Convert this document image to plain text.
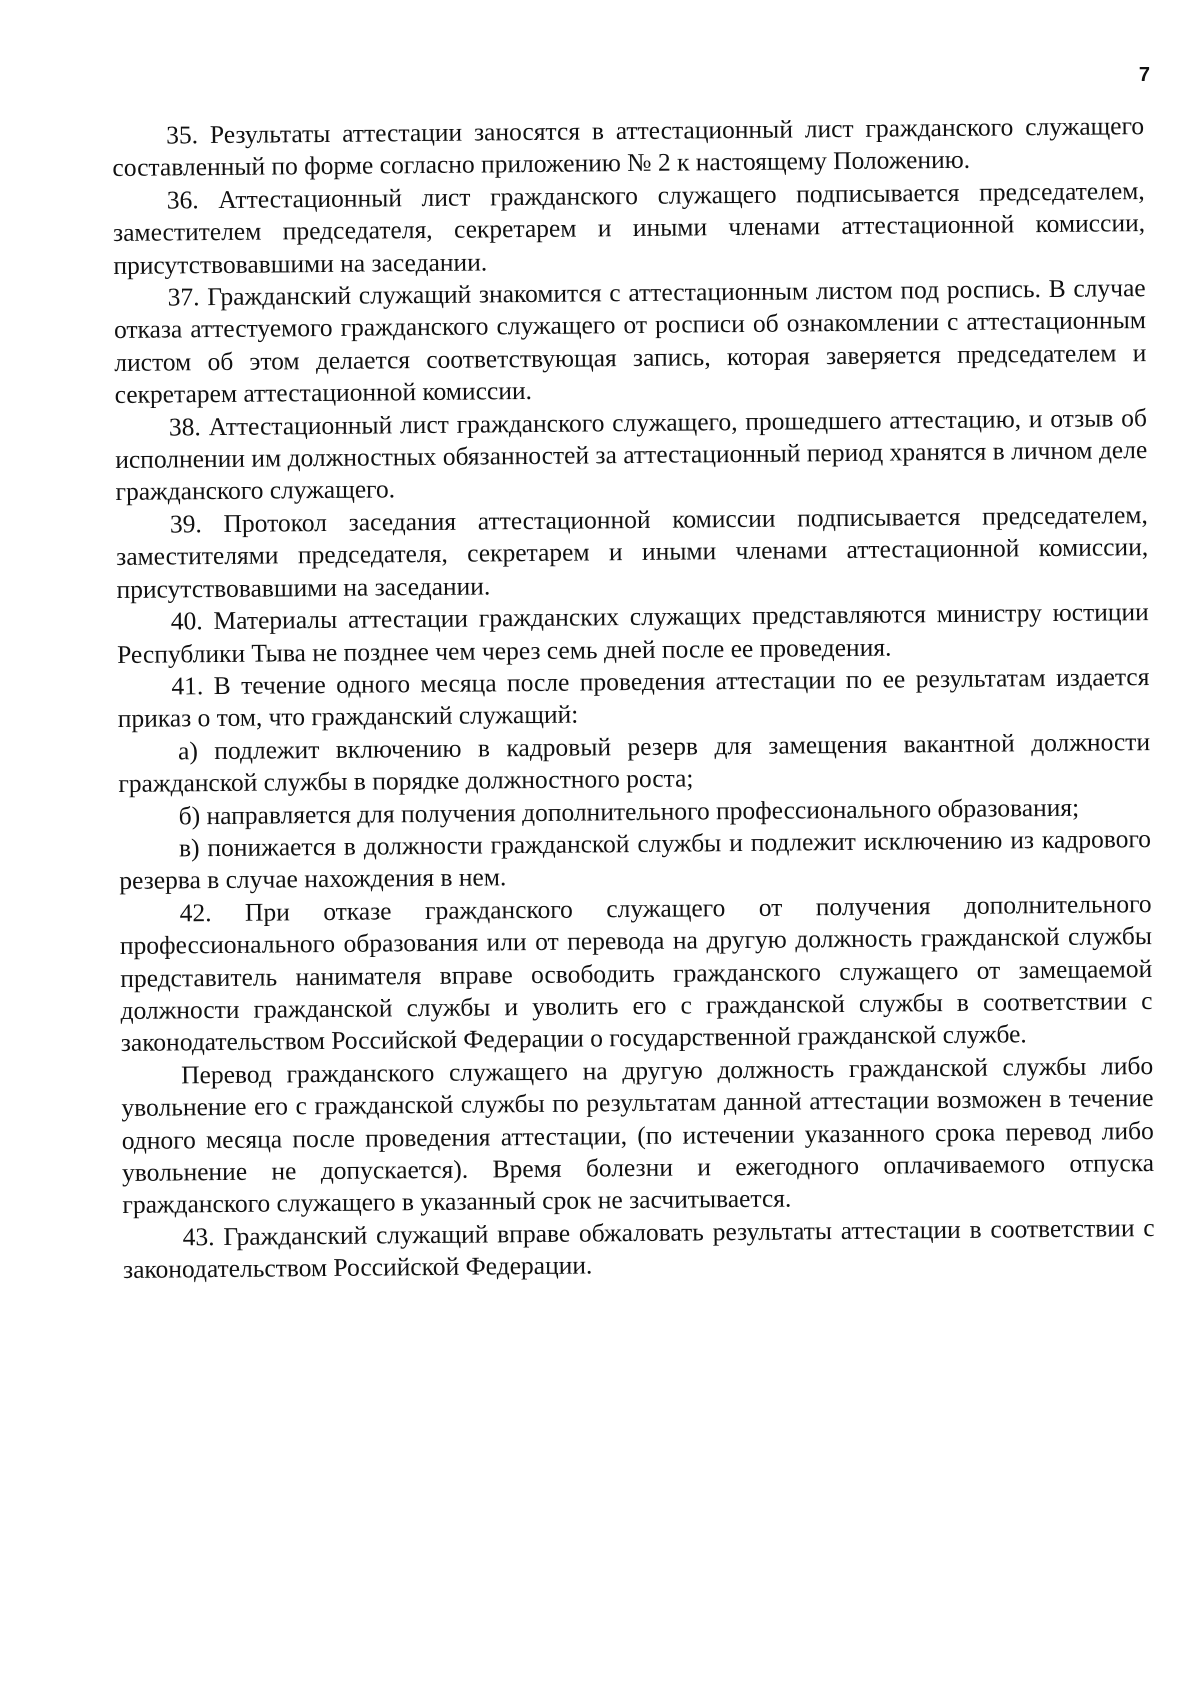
7

35. Результаты аттестации заносятся в аттестационный лист гражданского служащего составленный по форме согласно приложению № 2 к настоящему Положению.

36. Аттестационный лист гражданского служащего подписывается председателем, заместителем председателя, секретарем и иными членами аттестационной комиссии, присутствовавшими на заседании.

37. Гражданский служащий знакомится с аттестационным листом под роспись. В случае отказа аттестуемого гражданского служащего от росписи об ознакомлении с аттестационным листом об этом делается соответствующая запись, которая заверяется председателем и секретарем аттестационной комиссии.

38. Аттестационный лист гражданского служащего, прошедшего аттестацию, и отзыв об исполнении им должностных обязанностей за аттестационный период хранятся в личном деле гражданского служащего.

39. Протокол заседания аттестационной комиссии подписывается председателем, заместителями председателя, секретарем и иными членами аттестационной комиссии, присутствовавшими на заседании.

40. Материалы аттестации гражданских служащих представляются министру юстиции Республики Тыва не позднее чем через семь дней после ее проведения.

41. В течение одного месяца после проведения аттестации по ее результатам издается приказ о том, что гражданский служащий:

а) подлежит включению в кадровый резерв для замещения вакантной должности гражданской службы в порядке должностного роста;

б) направляется для получения дополнительного профессионального образования;

в) понижается в должности гражданской службы и подлежит исключению из кадрового резерва в случае нахождения в нем.

42. При отказе гражданского служащего от получения дополнительного профессионального образования или от перевода на другую должность гражданской службы представитель нанимателя вправе освободить гражданского служащего от замещаемой должности гражданской службы и уволить его с гражданской службы в соответствии с законодательством Российской Федерации о государственной гражданской службе.

Перевод гражданского служащего на другую должность гражданской службы либо увольнение его с гражданской службы по результатам данной аттестации возможен в течение одного месяца после проведения аттестации, (по истечении указанного срока перевод либо увольнение не допускается). Время болезни и ежегодного оплачиваемого отпуска гражданского служащего в указанный срок не засчитывается.

43. Гражданский служащий вправе обжаловать результаты аттестации в соответствии с законодательством Российской Федерации.
